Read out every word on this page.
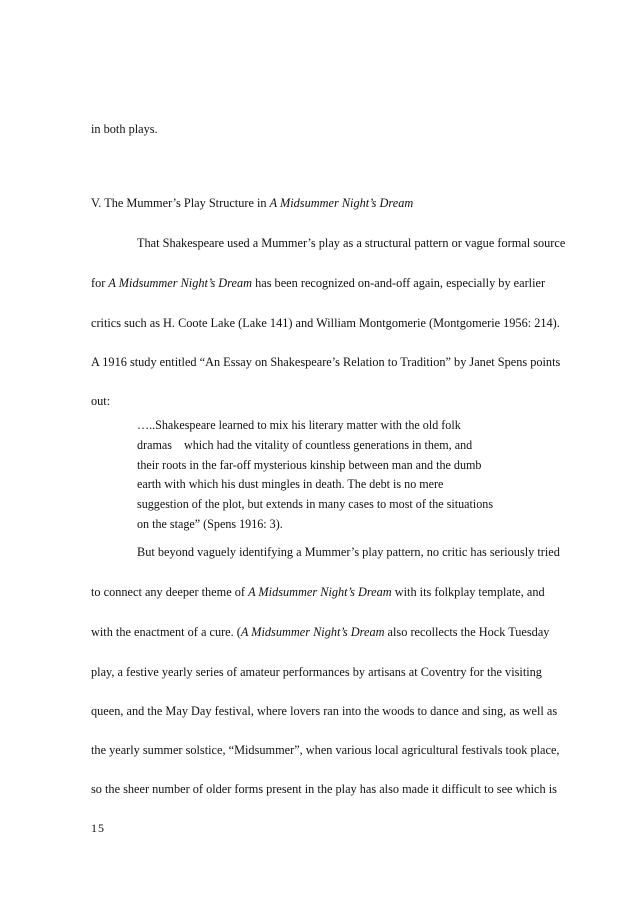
in both plays.
V. The Mummer’s Play Structure in A Midsummer Night’s Dream
That Shakespeare used a Mummer’s play as a structural pattern or vague formal source
for A Midsummer Night’s Dream has been recognized on-and-off again, especially by earlier
critics such as H. Coote Lake (Lake 141) and William Montgomerie (Montgomerie 1956: 214).
A 1916 study entitled “An Essay on Shakespeare’s Relation to Tradition” by Janet Spens points
out:
…..Shakespeare learned to mix his literary matter with the old folk
dramas    which had the vitality of countless generations in them, and
their roots in the far-off mysterious kinship between man and the dumb
earth with which his dust mingles in death. The debt is no mere
suggestion of the plot, but extends in many cases to most of the situations
on the stage” (Spens 1916: 3).
But beyond vaguely identifying a Mummer’s play pattern, no critic has seriously tried
to connect any deeper theme of A Midsummer Night’s Dream with its folkplay template, and
with the enactment of a cure. (A Midsummer Night’s Dream also recollects the Hock Tuesday
play, a festive yearly series of amateur performances by artisans at Coventry for the visiting
queen, and the May Day festival, where lovers ran into the woods to dance and sing, as well as
the yearly summer solstice, “Midsummer”, when various local agricultural festivals took place,
so the sheer number of older forms present in the play has also made it difficult to see which is
15
